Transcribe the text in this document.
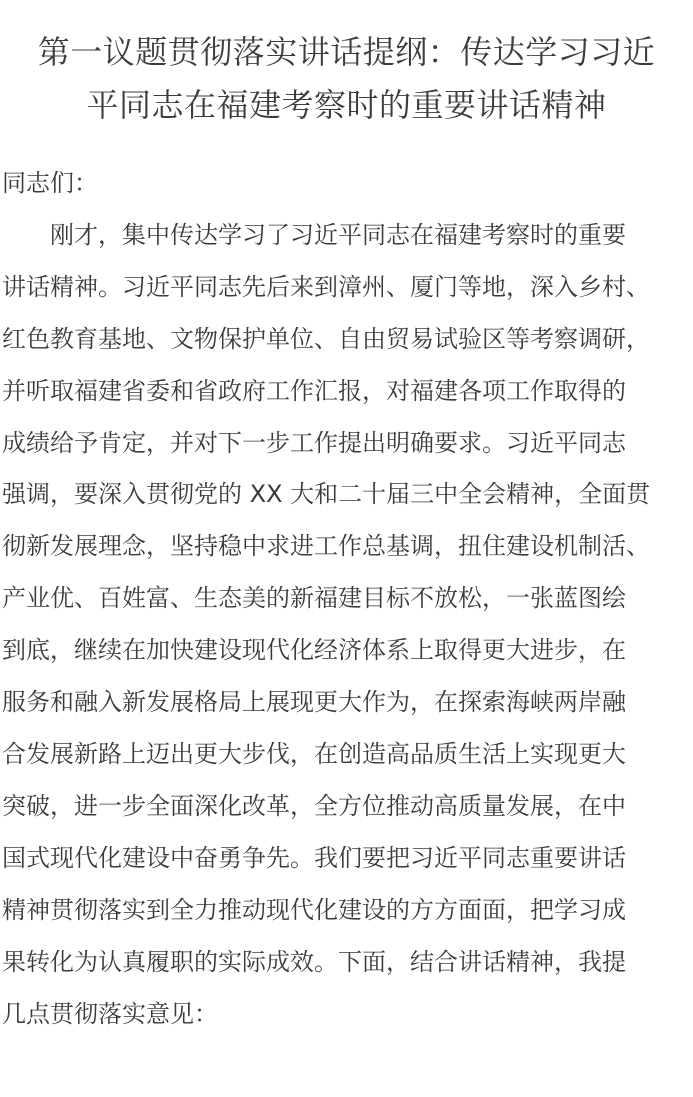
第一议题贯彻落实讲话提纲：传达学习习近
平同志在福建考察时的重要讲话精神

同志们：

　　刚才，集中传达学习了习近平同志在福建考察时的重要
讲话精神。习近平同志先后来到漳州、厦门等地，深入乡村、
红色教育基地、文物保护单位、自由贸易试验区等考察调研，
并听取福建省委和省政府工作汇报，对福建各项工作取得的
成绩给予肯定，并对下一步工作提出明确要求。习近平同志
强调，要深入贯彻党的 XX 大和二十届三中全会精神，全面贯
彻新发展理念，坚持稳中求进工作总基调，扭住建设机制活、
产业优、百姓富、生态美的新福建目标不放松，一张蓝图绘
到底，继续在加快建设现代化经济体系上取得更大进步，在
服务和融入新发展格局上展现更大作为，在探索海峡两岸融
合发展新路上迈出更大步伐，在创造高品质生活上实现更大
突破，进一步全面深化改革，全方位推动高质量发展，在中
国式现代化建设中奋勇争先。我们要把习近平同志重要讲话
精神贯彻落实到全力推动现代化建设的方方面面，把学习成
果转化为认真履职的实际成效。下面，结合讲话精神，我提
几点贯彻落实意见：
